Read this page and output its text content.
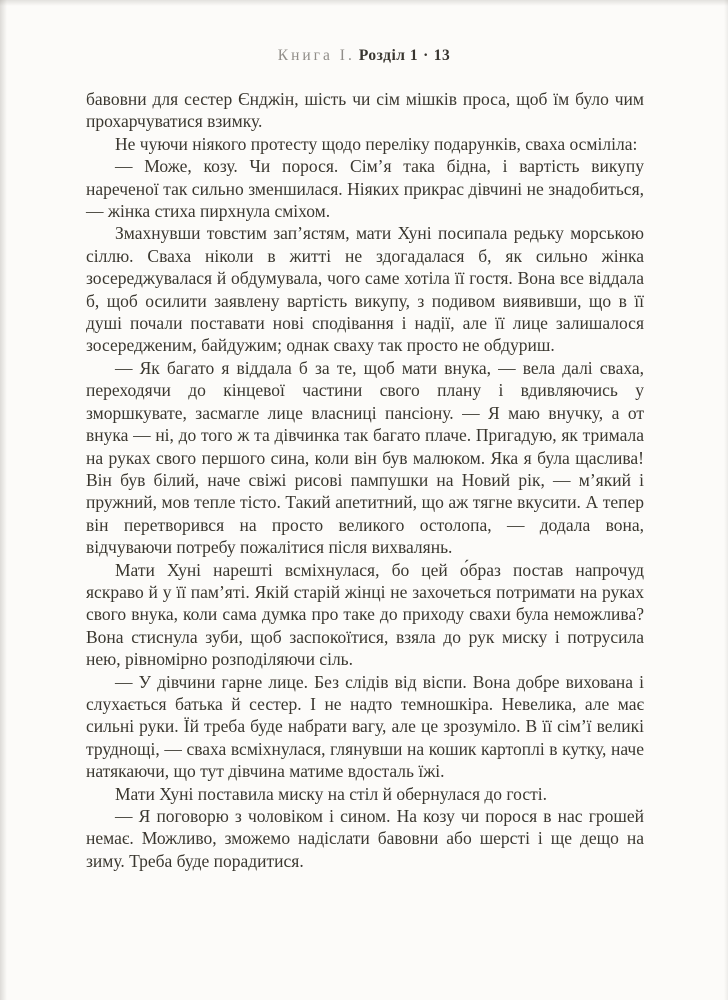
Книга I. Розділ 1 · 13

бавовни для сестер Єнджін, шість чи сім мішків проса, щоб їм було чим прохарчуватися взимку.

Не чуючи ніякого протесту щодо переліку подарунків, сваха осміліла:

— Може, козу. Чи порося. Сім’я така бідна, і вартість викупу нареченої так сильно зменшилася. Ніяких прикрас дівчині не знадобиться, — жінка стиха пирхнула сміхом.

Змахнувши товстим зап’ястям, мати Хуні посипала редьку морською сіллю. Сваха ніколи в житті не здогадалася б, як сильно жінка зосереджувалася й обдумувала, чого саме хотіла її гостя. Вона все віддала б, щоб осилити заявлену вартість викупу, з подивом виявивши, що в її душі почали поставати нові сподівання і надії, але її лице залишалося зосередженим, байдужим; однак сваху так просто не обдуриш.

— Як багато я віддала б за те, щоб мати внука, — вела далі сваха, переходячи до кінцевої частини свого плану і вдивляючись у зморшкувате, засмагле лице власниці пансіону. — Я маю внучку, а от внука — ні, до того ж та дівчинка так багато плаче. Пригадую, як тримала на руках свого першого сина, коли він був малюком. Яка я була щаслива! Він був білий, наче свіжі рисові пампушки на Новий рік, — м’який і пружний, мов тепле тісто. Такий апетитний, що аж тягне вкусити. А тепер він перетворився на просто великого остолопа, — додала вона, відчуваючи потребу пожалітися після вихвалянь.

Мати Хуні нарешті всміхнулася, бо цей о́браз постав напрочуд яскраво й у її пам’яті. Якій старій жінці не захочеться потримати на руках свого внука, коли сама думка про таке до приходу свахи була неможлива? Вона стиснула зуби, щоб заспокоїтися, взяла до рук миску і потрусила нею, рівномірно розподіляючи сіль.

— У дівчини гарне лице. Без слідів від віспи. Вона добре вихована і слухається батька й сестер. І не надто темношкіра. Невелика, але має сильні руки. Їй треба буде набрати вагу, але це зрозуміло. В її сім’ї великі труднощі, — сваха всміхнулася, глянувши на кошик картоплі в кутку, наче натякаючи, що тут дівчина матиме вдосталь їжі.

Мати Хуні поставила миску на стіл й обернулася до гості.

— Я поговорю з чоловіком і сином. На козу чи порося в нас грошей немає. Можливо, зможемо надіслати бавовни або шерсті і ще дещо на зиму. Треба буде порадитися.
